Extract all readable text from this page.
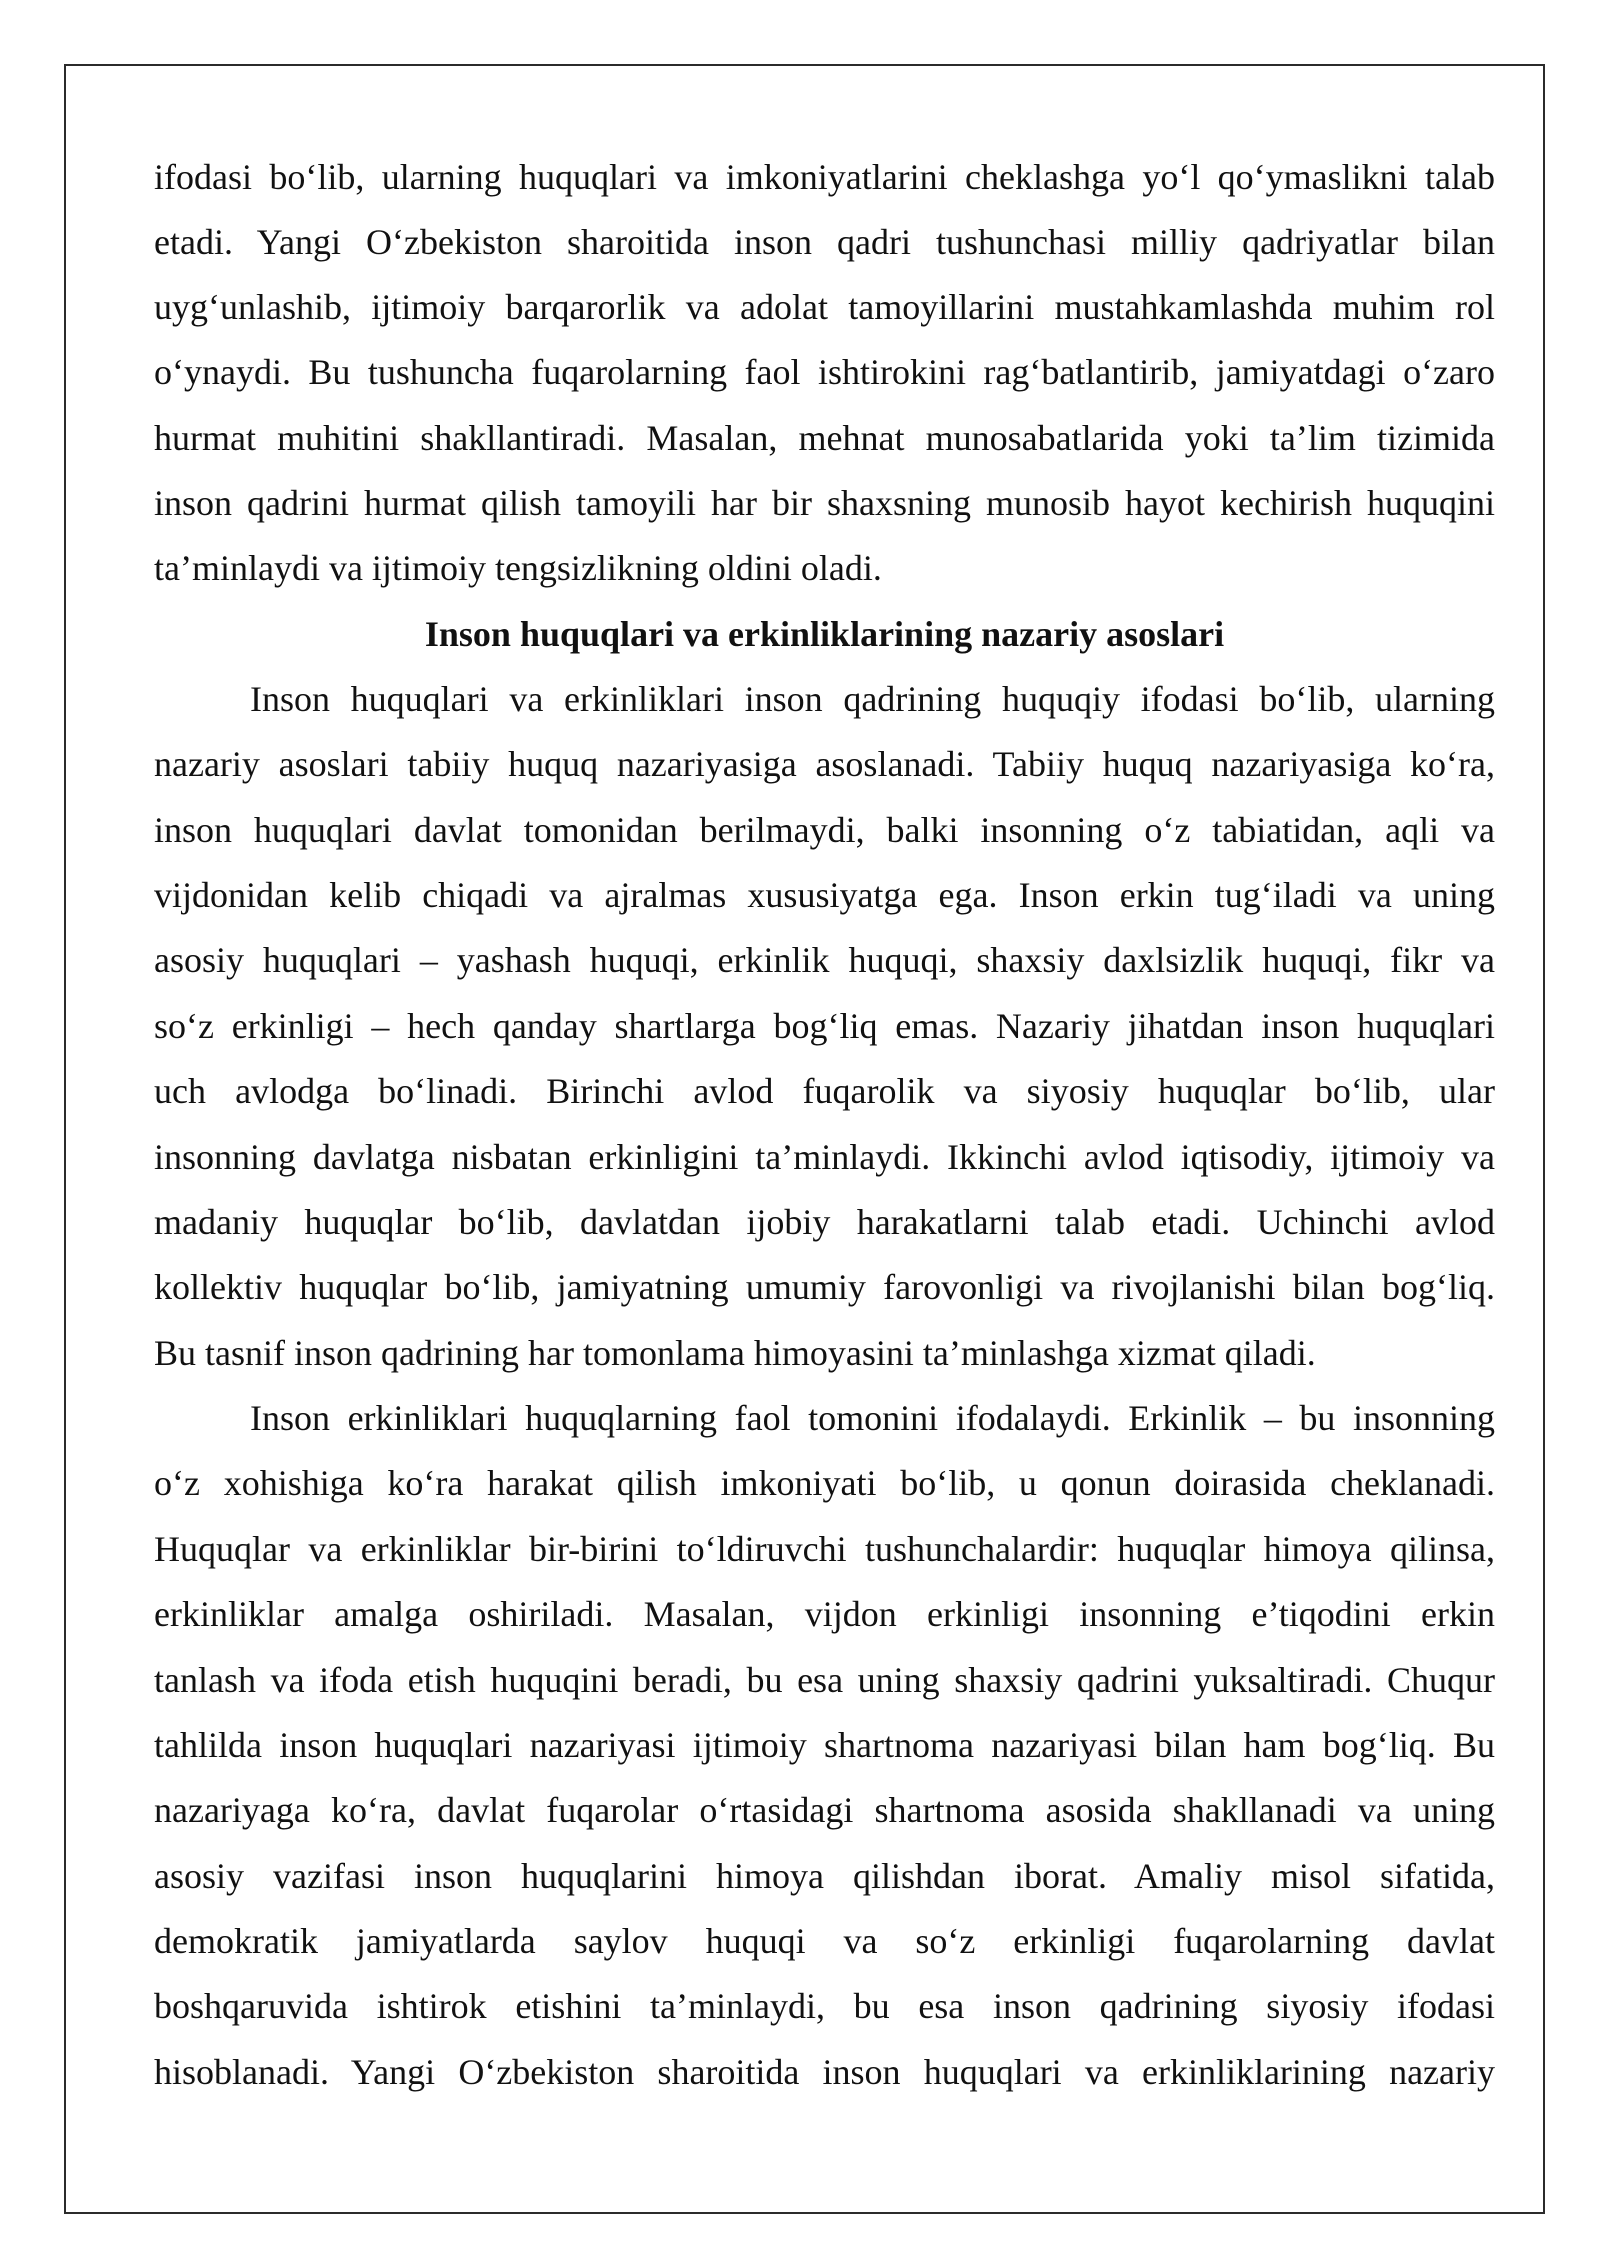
ifodasi bo‘lib, ularning huquqlari va imkoniyatlarini cheklashga yo‘l qo‘ymaslikni talab
etadi. Yangi O‘zbekiston sharoitida inson qadri tushunchasi milliy qadriyatlar bilan
uyg‘unlashib, ijtimoiy barqarorlik va adolat tamoyillarini mustahkamlashda muhim rol
o‘ynaydi. Bu tushuncha fuqarolarning faol ishtirokini rag‘batlantirib, jamiyatdagi o‘zaro
hurmat muhitini shakllantiradi. Masalan, mehnat munosabatlarida yoki ta’lim tizimida
inson qadrini hurmat qilish tamoyili har bir shaxsning munosib hayot kechirish huquqini
ta’minlaydi va ijtimoiy tengsizlikning oldini oladi.
Inson huquqlari va erkinliklarining nazariy asoslari
Inson huquqlari va erkinliklari inson qadrining huquqiy ifodasi bo‘lib, ularning
nazariy asoslari tabiiy huquq nazariyasiga asoslanadi. Tabiiy huquq nazariyasiga ko‘ra,
inson huquqlari davlat tomonidan berilmaydi, balki insonning o‘z tabiatidan, aqli va
vijdonidan kelib chiqadi va ajralmas xususiyatga ega. Inson erkin tug‘iladi va uning
asosiy huquqlari – yashash huquqi, erkinlik huquqi, shaxsiy daxlsizlik huquqi, fikr va
so‘z erkinligi – hech qanday shartlarga bog‘liq emas. Nazariy jihatdan inson huquqlari
uch avlodga bo‘linadi. Birinchi avlod fuqarolik va siyosiy huquqlar bo‘lib, ular
insonning davlatga nisbatan erkinligini ta’minlaydi. Ikkinchi avlod iqtisodiy, ijtimoiy va
madaniy huquqlar bo‘lib, davlatdan ijobiy harakatlarni talab etadi. Uchinchi avlod
kollektiv huquqlar bo‘lib, jamiyatning umumiy farovonligi va rivojlanishi bilan bog‘liq.
Bu tasnif inson qadrining har tomonlama himoyasini ta’minlashga xizmat qiladi.
Inson erkinliklari huquqlarning faol tomonini ifodalaydi. Erkinlik – bu insonning
o‘z xohishiga ko‘ra harakat qilish imkoniyati bo‘lib, u qonun doirasida cheklanadi.
Huquqlar va erkinliklar bir-birini to‘ldiruvchi tushunchalardir: huquqlar himoya qilinsa,
erkinliklar amalga oshiriladi. Masalan, vijdon erkinligi insonning e’tiqodini erkin
tanlash va ifoda etish huquqini beradi, bu esa uning shaxsiy qadrini yuksaltiradi. Chuqur
tahlilda inson huquqlari nazariyasi ijtimoiy shartnoma nazariyasi bilan ham bog‘liq. Bu
nazariyaga ko‘ra, davlat fuqarolar o‘rtasidagi shartnoma asosida shakllanadi va uning
asosiy vazifasi inson huquqlarini himoya qilishdan iborat. Amaliy misol sifatida,
demokratik jamiyatlarda saylov huquqi va so‘z erkinligi fuqarolarning davlat
boshqaruvida ishtirok etishini ta’minlaydi, bu esa inson qadrining siyosiy ifodasi
hisoblanadi. Yangi O‘zbekiston sharoitida inson huquqlari va erkinliklarining nazariy
